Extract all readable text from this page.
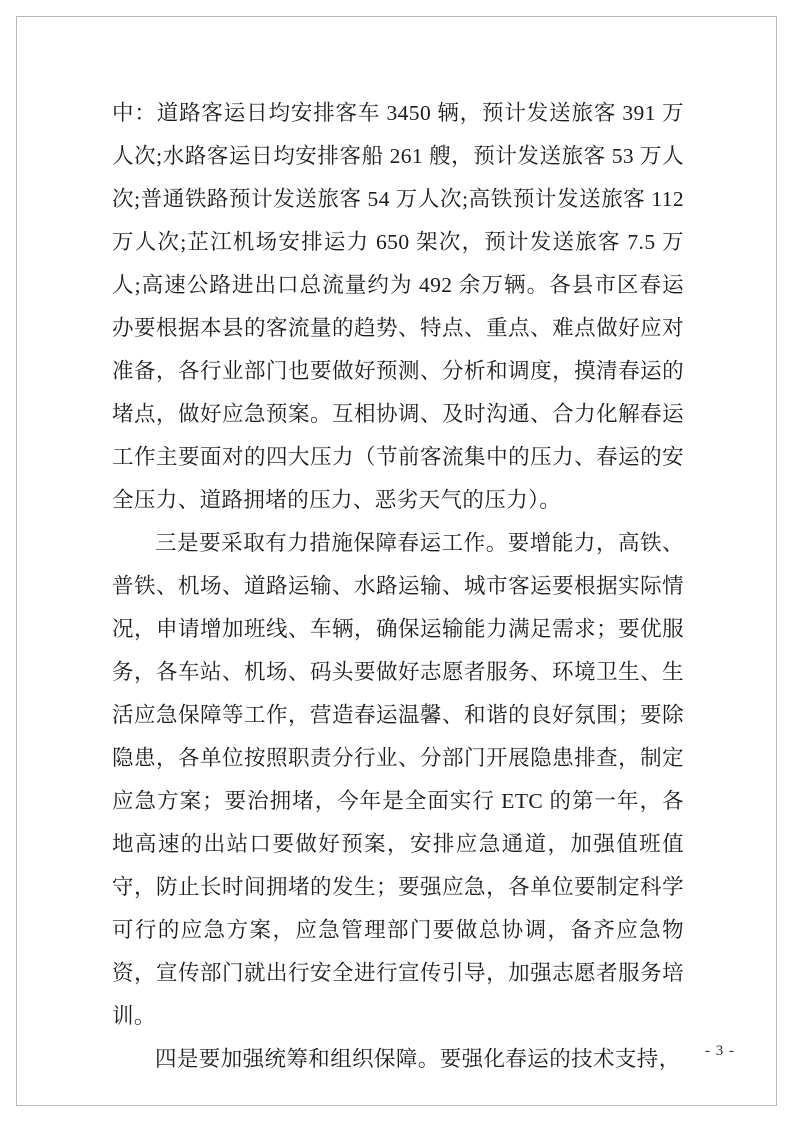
中：道路客运日均安排客车 3450 辆，预计发送旅客 391 万人次;水路客运日均安排客船 261 艘，预计发送旅客 53 万人次;普通铁路预计发送旅客 54 万人次;高铁预计发送旅客 112 万人次;芷江机场安排运力 650 架次，预计发送旅客 7.5 万人;高速公路进出口总流量约为 492 余万辆。各县市区春运办要根据本县的客流量的趋势、特点、重点、难点做好应对准备，各行业部门也要做好预测、分析和调度，摸清春运的堵点，做好应急预案。互相协调、及时沟通、合力化解春运工作主要面对的四大压力（节前客流集中的压力、春运的安全压力、道路拥堵的压力、恶劣天气的压力）。

三是要采取有力措施保障春运工作。要增能力，高铁、普铁、机场、道路运输、水路运输、城市客运要根据实际情况，申请增加班线、车辆，确保运输能力满足需求；要优服务，各车站、机场、码头要做好志愿者服务、环境卫生、生活应急保障等工作，营造春运温馨、和谐的良好氛围；要除隐患，各单位按照职责分行业、分部门开展隐患排查，制定应急方案；要治拥堵，今年是全面实行 ETC 的第一年，各地高速的出站口要做好预案，安排应急通道，加强值班值守，防止长时间拥堵的发生；要强应急，各单位要制定科学可行的应急方案，应急管理部门要做总协调，备齐应急物资，宣传部门就出行安全进行宣传引导，加强志愿者服务培训。

四是要加强统筹和组织保障。要强化春运的技术支持， - 3 -
